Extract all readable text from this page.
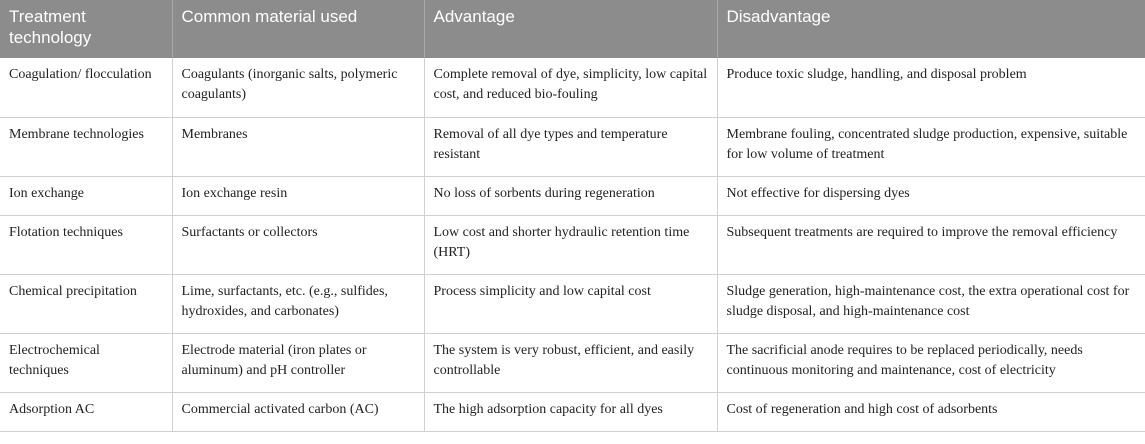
Treatment technology	Common material used	Advantage	Disadvantage
Coagulation/ flocculation	Coagulants (inorganic salts, polymeric coagulants)	Complete removal of dye, simplicity, low capital cost, and reduced bio-fouling	Produce toxic sludge, handling, and disposal problem
Membrane technologies	Membranes	Removal of all dye types and temperature resistant	Membrane fouling, concentrated sludge production, expensive, suitable for low volume of treatment
Ion exchange	Ion exchange resin	No loss of sorbents during regeneration	Not effective for dispersing dyes
Flotation techniques	Surfactants or collectors	Low cost and shorter hydraulic retention time (HRT)	Subsequent treatments are required to improve the removal efficiency
Chemical precipitation	Lime, surfactants, etc. (e.g., sulfides, hydroxides, and carbonates)	Process simplicity and low capital cost	Sludge generation, high-maintenance cost, the extra operational cost for sludge disposal, and high-maintenance cost
Electrochemical techniques	Electrode material (iron plates or aluminum) and pH controller	The system is very robust, efficient, and easily controllable	The sacrificial anode requires to be replaced periodically, needs continuous monitoring and maintenance, cost of electricity
Adsorption AC	Commercial activated carbon (AC)	The high adsorption capacity for all dyes	Cost of regeneration and high cost of adsorbents
